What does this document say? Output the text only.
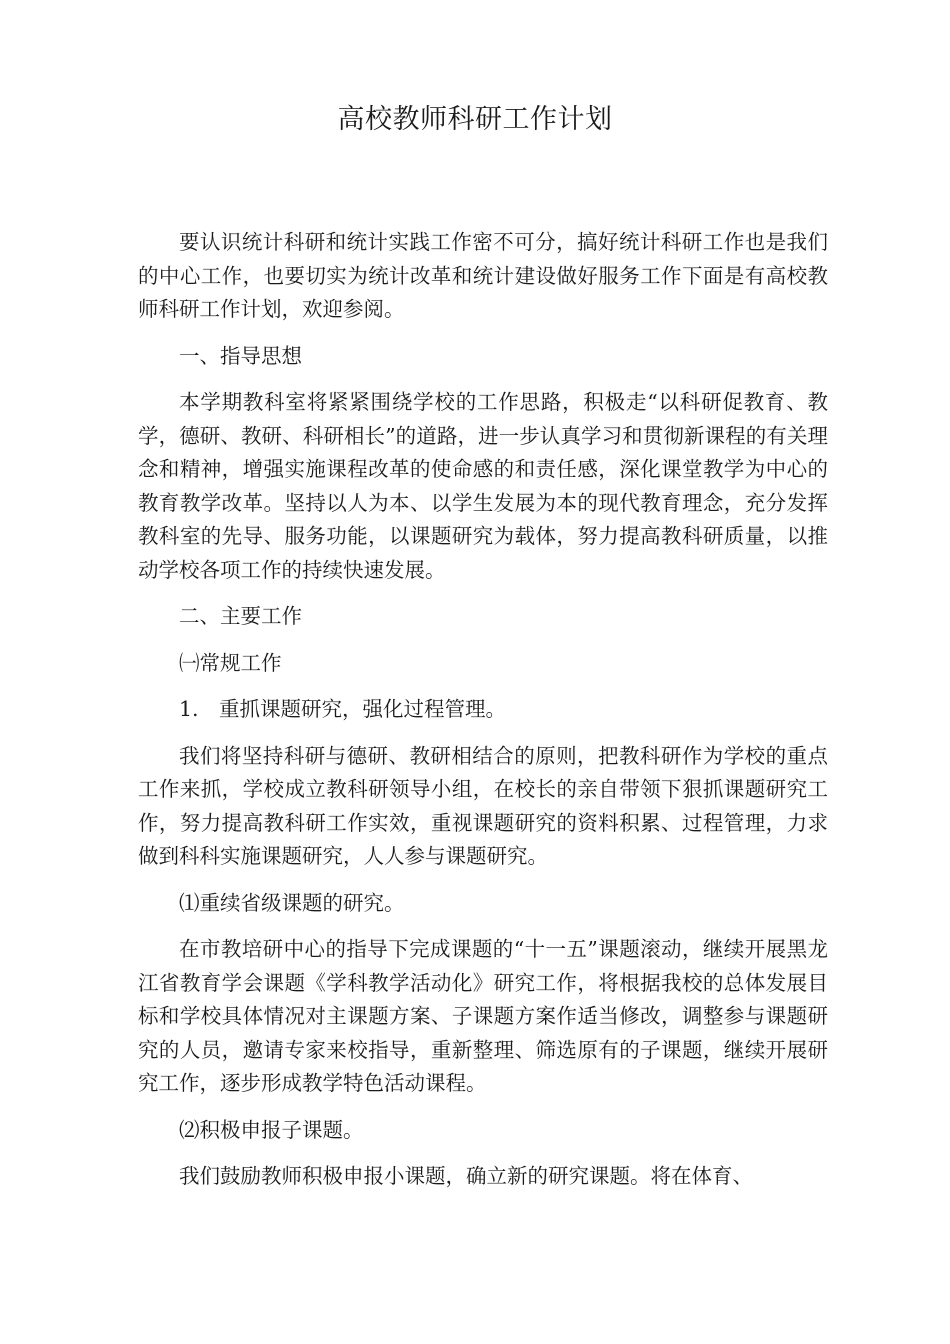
高校教师科研工作计划

要认识统计科研和统计实践工作密不可分，搞好统计科研工作也是我们的中心工作，也要切实为统计改革和统计建设做好服务工作下面是有高校教师科研工作计划，欢迎参阅。

一、指导思想

本学期教科室将紧紧围绕学校的工作思路，积极走“以科研促教育、教学，德研、教研、科研相长”的道路，进一步认真学习和贯彻新课程的有关理念和精神，增强实施课程改革的使命感的和责任感，深化课堂教学为中心的教育教学改革。坚持以人为本、以学生发展为本的现代教育理念，充分发挥教科室的先导、服务功能，以课题研究为载体，努力提高教科研质量，以推动学校各项工作的持续快速发展。

二、主要工作

㈠常规工作

1.　重抓课题研究，强化过程管理。

我们将坚持科研与德研、教研相结合的原则，把教科研作为学校的重点工作来抓，学校成立教科研领导小组，在校长的亲自带领下狠抓课题研究工作，努力提高教科研工作实效，重视课题研究的资料积累、过程管理，力求做到科科实施课题研究，人人参与课题研究。

⑴重续省级课题的研究。

在市教培研中心的指导下完成课题的“十一五”课题滚动，继续开展黑龙江省教育学会课题《学科教学活动化》研究工作，将根据我校的总体发展目标和学校具体情况对主课题方案、子课题方案作适当修改，调整参与课题研究的人员，邀请专家来校指导，重新整理、筛选原有的子课题，继续开展研究工作，逐步形成教学特色活动课程。

⑵积极申报子课题。

我们鼓励教师积极申报小课题，确立新的研究课题。将在体育、
